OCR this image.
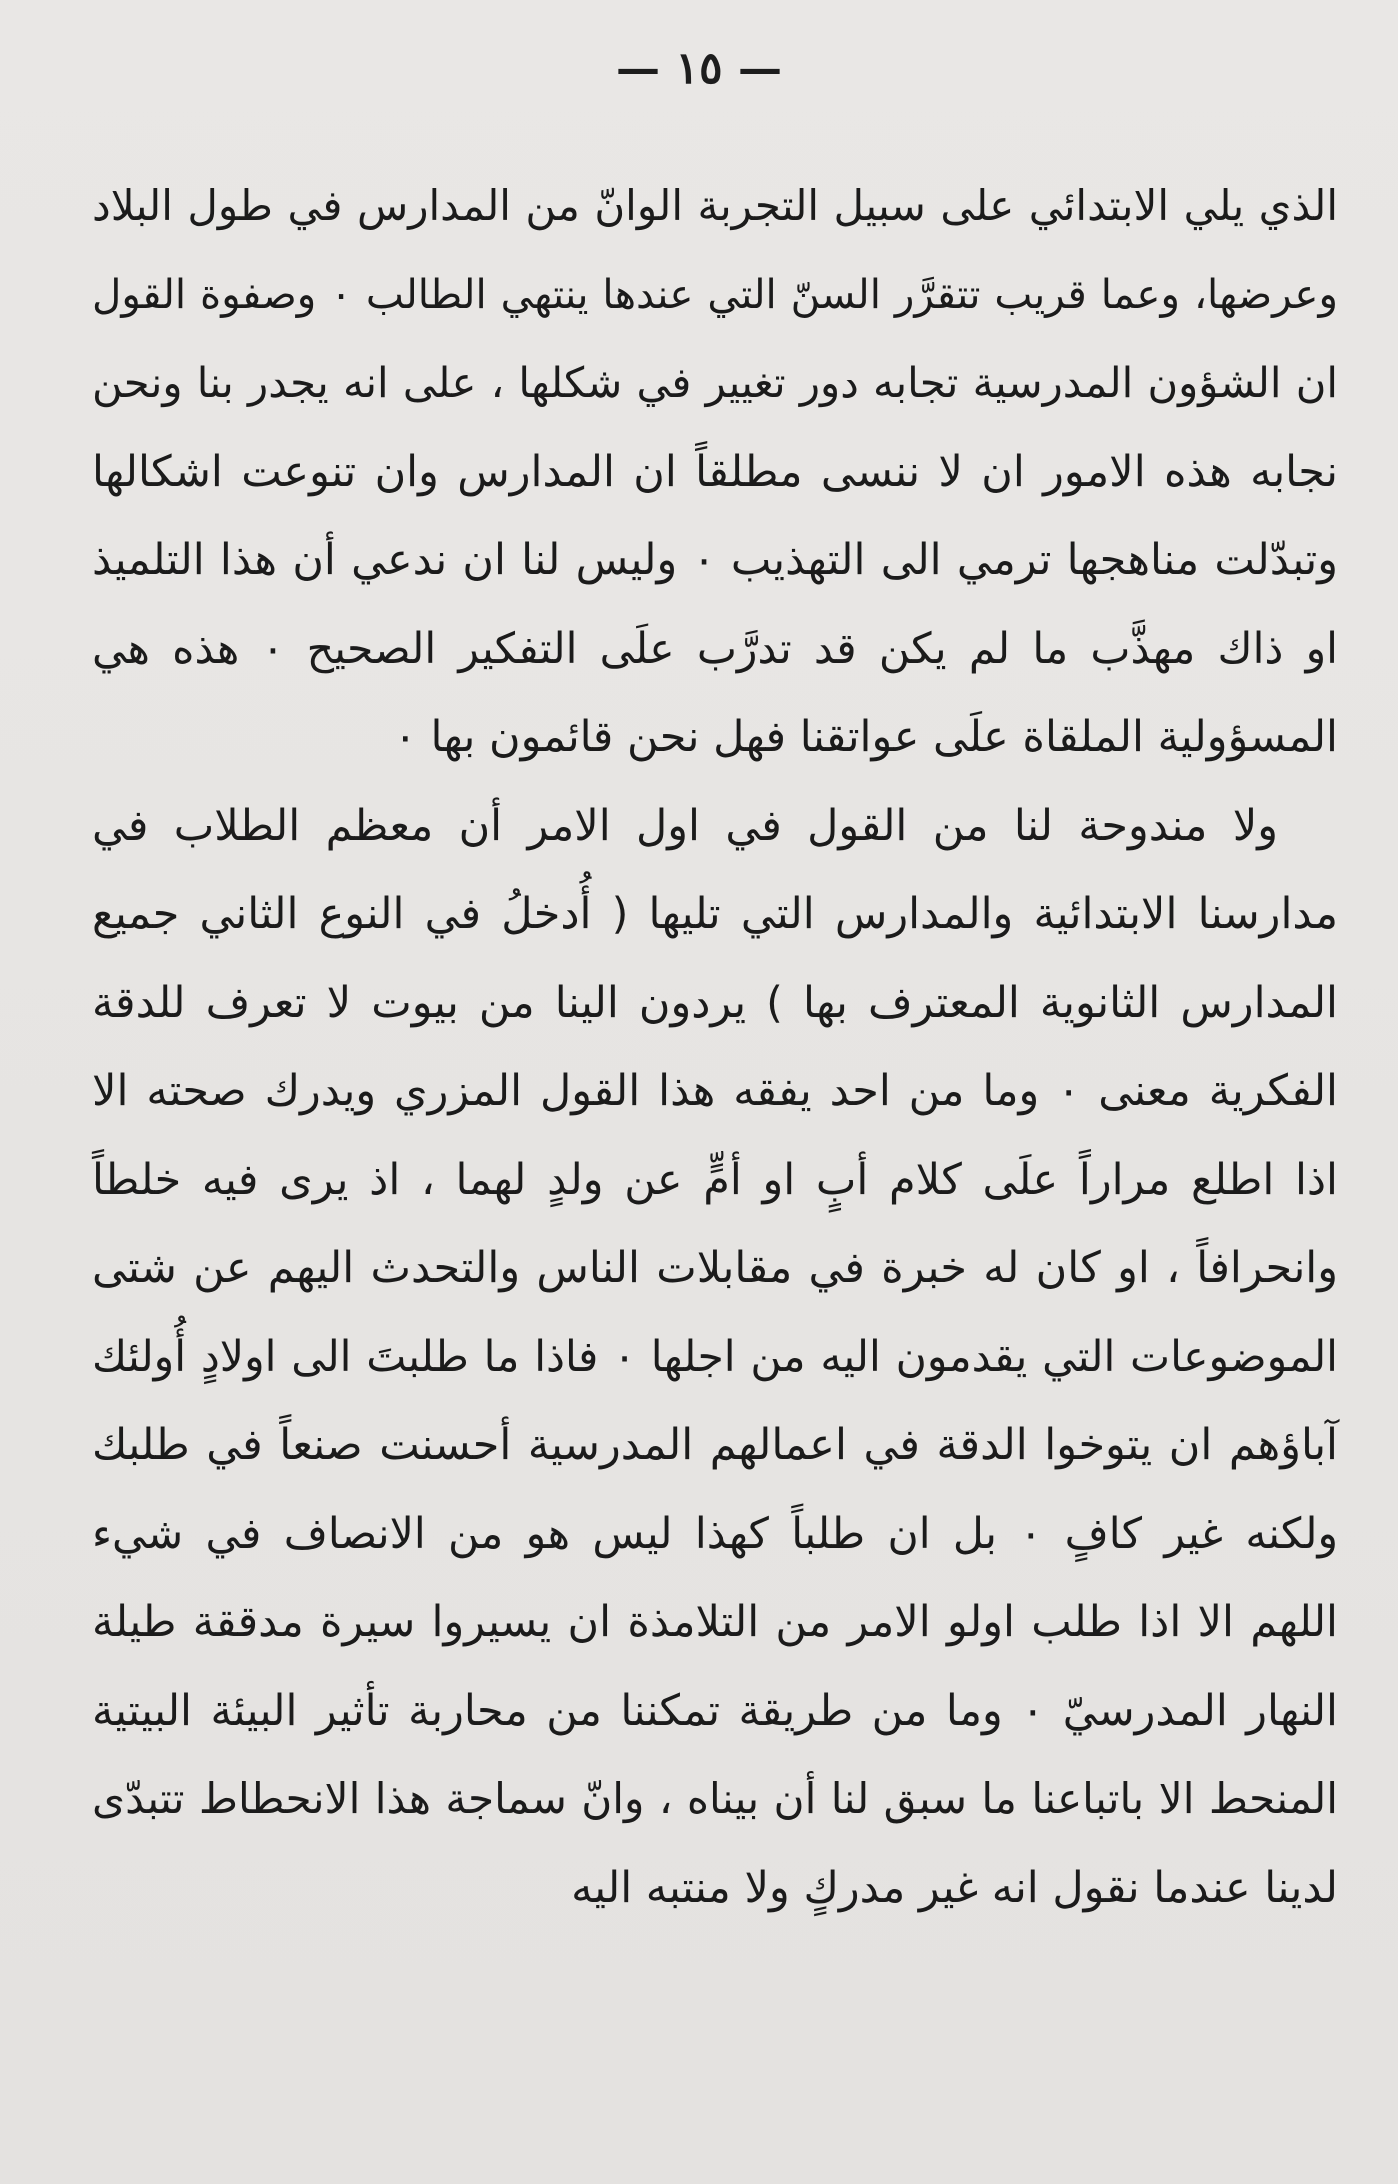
— ١٥ —
الذي يلي الابتدائي على سبيل التجربة الوانّ من المدارس في طول البلاد
وعرضها، وعما قريب تتقرَّر السنّ التي عندها ينتهي الطالب ٠ وصفوة القول
ان الشؤون المدرسية تجابه دور تغيير في شكلها ، على انه يجدر بنا ونحن
نجابه هذه الامور ان لا ننسى مطلقاً ان المدارس وان تنوعت اشكالها
وتبدّلت مناهجها ترمي الى التهذيب ٠ وليس لنا ان ندعي أن هذا التلميذ
او ذاك مهذَّب ما لم يكن قد تدرَّب علَى التفكير الصحيح ٠ هذه هي
المسؤولية الملقاة علَى عواتقنا فهل نحن قائمون بها ٠
ولا مندوحة لنا من القول في اول الامر أن معظم الطلاب في
مدارسنا الابتدائية والمدارس التي تليها ( أُدخلُ في النوع الثاني جميع
المدارس الثانوية المعترف بها ) يردون الينا من بيوت لا تعرف للدقة
الفكرية معنى ٠ وما من احد يفقه هذا القول المزري ويدرك صحته الا
اذا اطلع مراراً علَى كلام أبٍ او أمٍّ عن ولدٍ لهما ، اذ يرى فيه خلطاً
وانحرافاً ، او كان له خبرة في مقابلات الناس والتحدث اليهم عن شتى
الموضوعات التي يقدمون اليه من اجلها ٠ فاذا ما طلبتَ الى اولادٍ أُولئك
آباؤهم ان يتوخوا الدقة في اعمالهم المدرسية أحسنت صنعاً في طلبك
ولكنه غير كافٍ ٠ بل ان طلباً كهذا ليس هو من الانصاف في شيء
اللهم الا اذا طلب اولو الامر من التلامذة ان يسيروا سيرة مدققة طيلة
النهار المدرسيّ ٠ وما من طريقة تمكننا من محاربة تأثير البيئة البيتية
المنحط الا باتباعنا ما سبق لنا أن بيناه ، وانّ سماجة هذا الانحطاط تتبدّى
لدينا عندما نقول انه غير مدركٍ ولا منتبه اليه
